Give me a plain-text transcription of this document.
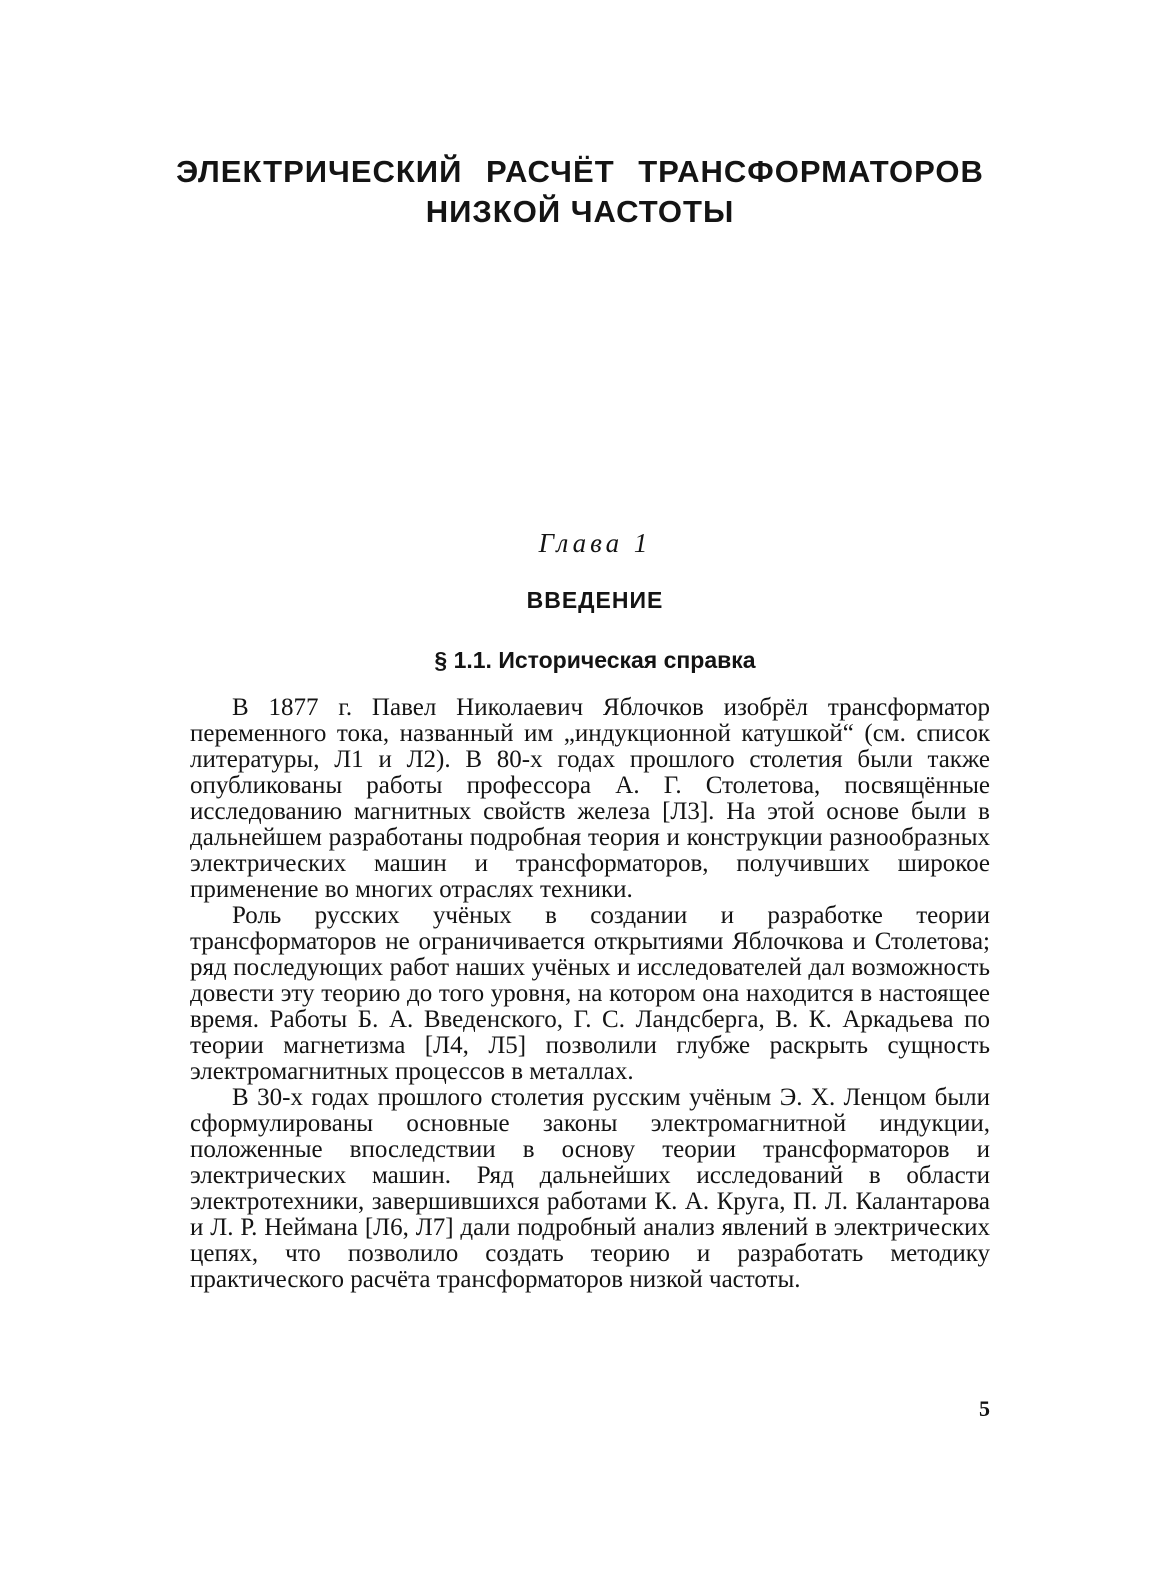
ЭЛЕКТРИЧЕСКИЙ РАСЧЁТ ТРАНСФОРМАТОРОВ
НИЗКОЙ ЧАСТОТЫ
Глава 1
ВВЕДЕНИЕ
§ 1.1. Историческая справка

В 1877 г. Павел Николаевич Яблочков изобрёл трансформатор переменного тока, названный им „индукционной катушкой“ (см. список литературы, Л1 и Л2). В 80-х годах прошлого столетия были также опубликованы работы профессора А. Г. Столетова, посвящённые исследованию магнитных свойств железа [Л3]. На этой основе были в дальнейшем разработаны подробная теория и конструкции разнообразных электрических машин и трансформаторов, получивших широкое применение во многих отраслях техники.

Роль русских учёных в создании и разработке теории трансформаторов не ограничивается открытиями Яблочкова и Столетова; ряд последующих работ наших учёных и исследователей дал возможность довести эту теорию до того уровня, на котором она находится в настоящее время. Работы Б. А. Введенского, Г. С. Ландсберга, В. К. Аркадьева по теории магнетизма [Л4, Л5] позволили глубже раскрыть сущность электромагнитных процессов в металлах.

В 30-х годах прошлого столетия русским учёным Э. Х. Ленцом были сформулированы основные законы электромагнитной индукции, положенные впоследствии в основу теории трансформаторов и электрических машин. Ряд дальнейших исследований в области электротехники, завершившихся работами К. А. Круга, П. Л. Калантарова и Л. Р. Неймана [Л6, Л7] дали подробный анализ явлений в электрических цепях, что позволило создать теорию и разработать методику практического расчёта трансформаторов низкой частоты.

5
